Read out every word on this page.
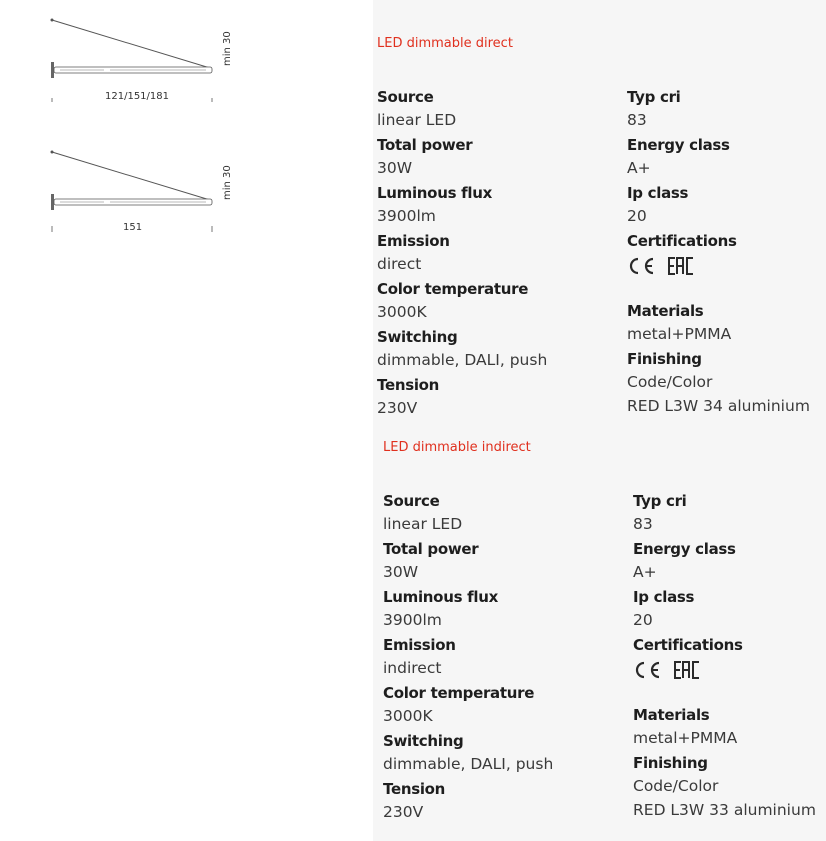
121/151/181
min 30
151
min 30
LED dimmable direct
Source
linear LED
Total power
30W
Luminous flux
3900lm
Emission
direct
Color temperature
3000K
Switching
dimmable, DALI, push
Tension
230V
Typ cri
83
Energy class
A+
Ip class
20
Certifications
Materials
metal+PMMA
Finishing
Code/Color
RED L3W 34 aluminium
LED dimmable indirect
Source
linear LED
Total power
30W
Luminous flux
3900lm
Emission
indirect
Color temperature
3000K
Switching
dimmable, DALI, push
Tension
230V
Typ cri
83
Energy class
A+
Ip class
20
Certifications
Materials
metal+PMMA
Finishing
Code/Color
RED L3W 33 aluminium
